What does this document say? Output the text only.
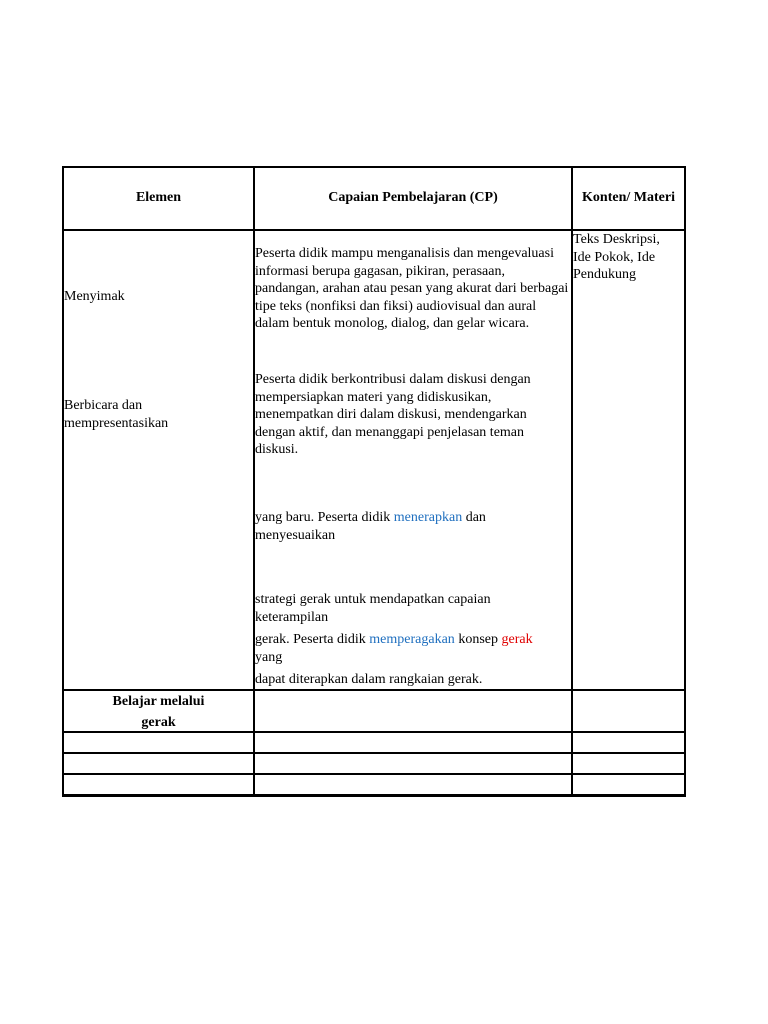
Elemen	Capaian Pembelajaran (CP)	Konten/ Materi
Menyimak
Berbicara dan mempresentasikan
Belajar melalui gerak
Peserta didik mampu menganalisis dan mengevaluasi informasi berupa gagasan, pikiran, perasaan, pandangan, arahan atau pesan yang akurat dari berbagai tipe teks (nonfiksi dan fiksi) audiovisual dan aural dalam bentuk monolog, dialog, dan gelar wicara.
Peserta didik berkontribusi dalam diskusi dengan mempersiapkan materi yang didiskusikan, menempatkan diri dalam diskusi, mendengarkan dengan aktif, dan menanggapi penjelasan teman diskusi.
yang baru. Peserta didik menerapkan dan menyesuaikan
strategi gerak untuk mendapatkan capaian keterampilan
gerak. Peserta didik memperagakan konsep gerak yang
dapat diterapkan dalam rangkaian gerak.
Teks Deskripsi, Ide Pokok, Ide Pendukung
